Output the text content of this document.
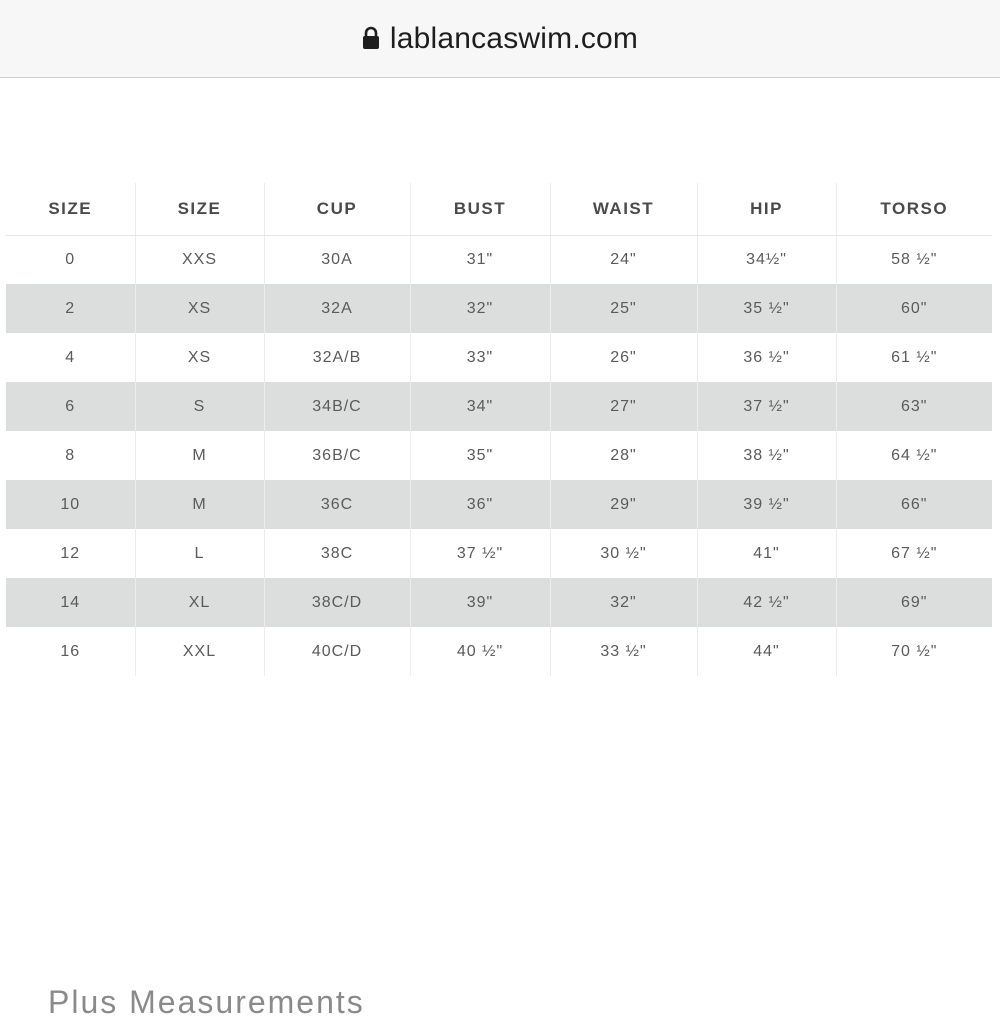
lablancaswim.com
SIZE	SIZE	CUP	BUST	WAIST	HIP	TORSO
0	XXS	30A	31"	24"	34½"	58 ½"
2	XS	32A	32"	25"	35 ½"	60"
4	XS	32A/B	33"	26"	36 ½"	61 ½"
6	S	34B/C	34"	27"	37 ½"	63"
8	M	36B/C	35"	28"	38 ½"	64 ½"
10	M	36C	36"	29"	39 ½"	66"
12	L	38C	37 ½"	30 ½"	41"	67 ½"
14	XL	38C/D	39"	32"	42 ½"	69"
16	XXL	40C/D	40 ½"	33 ½"	44"	70 ½"
Plus Measurements
